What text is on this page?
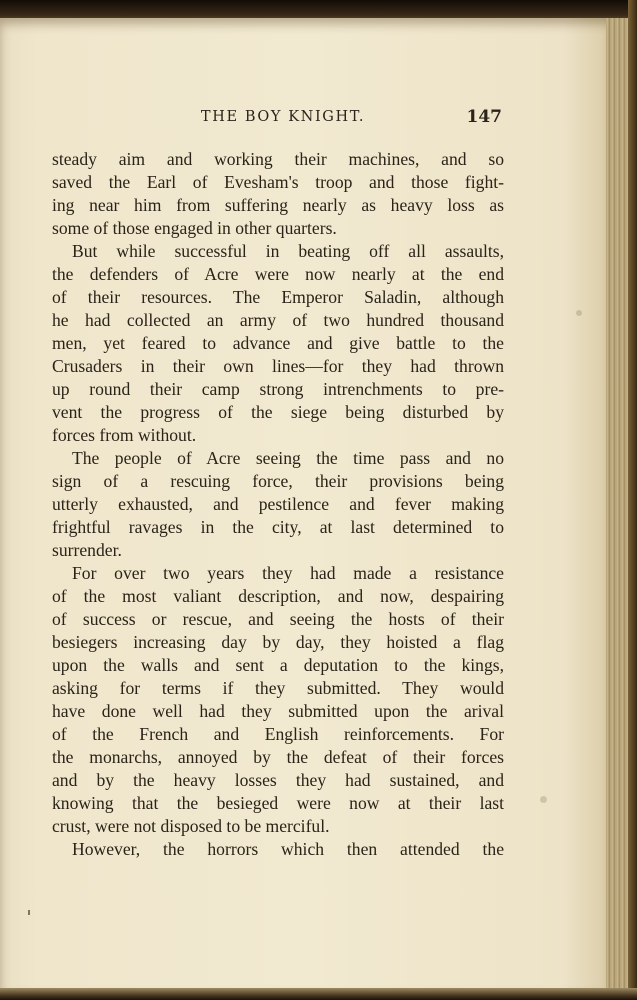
THE BOY KNIGHT.	147
steady aim and working their machines, and so
saved the Earl of Evesham's troop and those fight-
ing near him from suffering nearly as heavy loss as
some of those engaged in other quarters.
But while successful in beating off all assaults,
the defenders of Acre were now nearly at the end
of their resources. The Emperor Saladin, although
he had collected an army of two hundred thousand
men, yet feared to advance and give battle to the
Crusaders in their own lines—for they had thrown
up round their camp strong intrenchments to pre-
vent the progress of the siege being disturbed by
forces from without.
The people of Acre seeing the time pass and no
sign of a rescuing force, their provisions being
utterly exhausted, and pestilence and fever making
frightful ravages in the city, at last determined to
surrender.
For over two years they had made a resistance
of the most valiant description, and now, despairing
of success or rescue, and seeing the hosts of their
besiegers increasing day by day, they hoisted a flag
upon the walls and sent a deputation to the kings,
asking for terms if they submitted. They would
have done well had they submitted upon the arival
of the French and English reinforcements. For
the monarchs, annoyed by the defeat of their forces
and by the heavy losses they had sustained, and
knowing that the besieged were now at their last
crust, were not disposed to be merciful.
However, the horrors which then attended the
